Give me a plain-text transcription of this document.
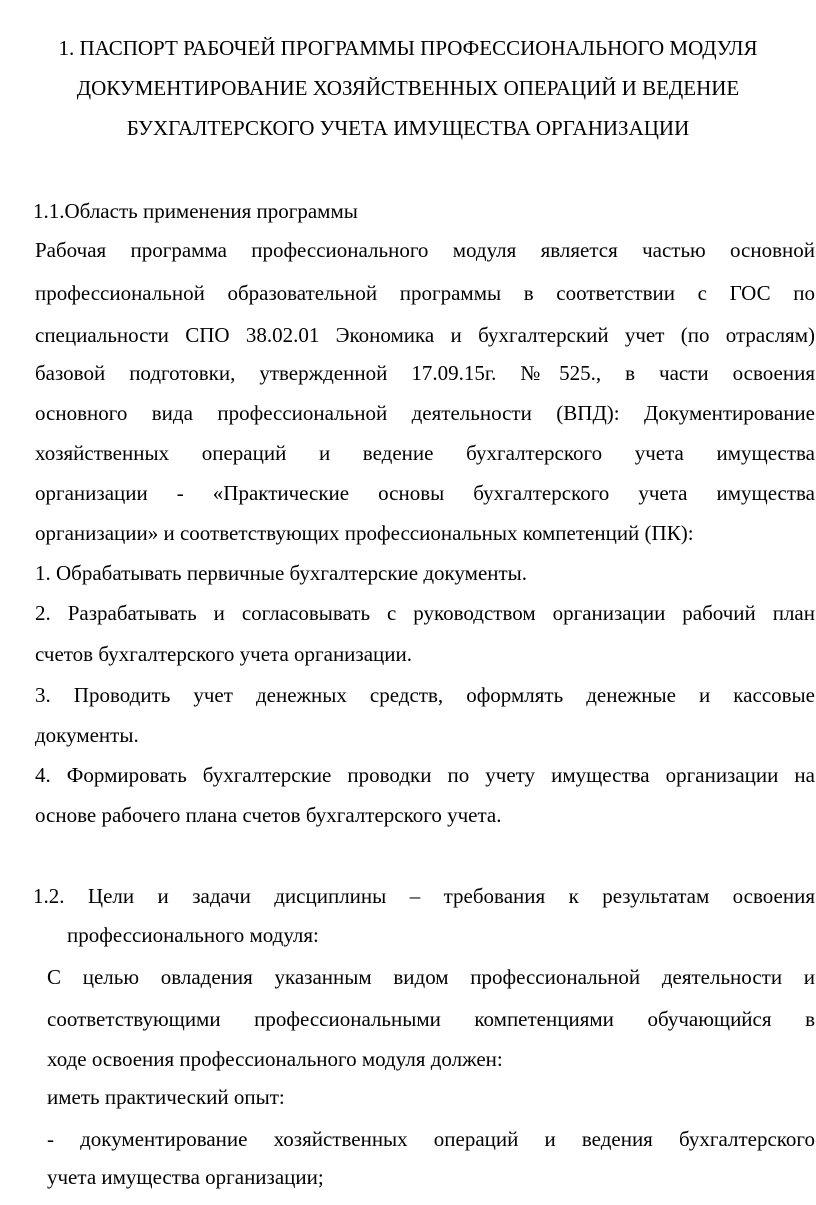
1. ПАСПОРТ РАБОЧЕЙ ПРОГРАММЫ ПРОФЕССИОНАЛЬНОГО МОДУЛЯ
ДОКУМЕНТИРОВАНИЕ ХОЗЯЙСТВЕННЫХ ОПЕРАЦИЙ И ВЕДЕНИЕ
БУХГАЛТЕРСКОГО УЧЕТА ИМУЩЕСТВА ОРГАНИЗАЦИИ
1.1.Область применения программы
Рабочая программа профессионального модуля является частью основной
профессиональной образовательной программы в соответствии с ГОС по
специальности СПО 38.02.01 Экономика и бухгалтерский учет (по отраслям)
базовой подготовки, утвержденной 17.09.15г. №525., в части освоения
основного вида профессиональной деятельности (ВПД): Документирование
хозяйственных операций и ведение бухгалтерского учета имущества
организации - «Практические основы бухгалтерского учета имущества
организации» и соответствующих профессиональных компетенций (ПК):
1. Обрабатывать первичные бухгалтерские документы.
2. Разрабатывать и согласовывать с руководством организации рабочий план
счетов бухгалтерского учета организации.
3. Проводить учет денежных средств, оформлять денежные и кассовые
документы.
4. Формировать бухгалтерские проводки по учету имущества организации на
основе рабочего плана счетов бухгалтерского учета.
1.2. Цели и задачи дисциплины – требования к результатам освоения
профессионального модуля:
С целью овладения указанным видом профессиональной деятельности и
соответствующими профессиональными компетенциями обучающийся в
ходе освоения профессионального модуля должен:
иметь практический опыт:
- документирование хозяйственных операций и ведения бухгалтерского
учета имущества организации;
